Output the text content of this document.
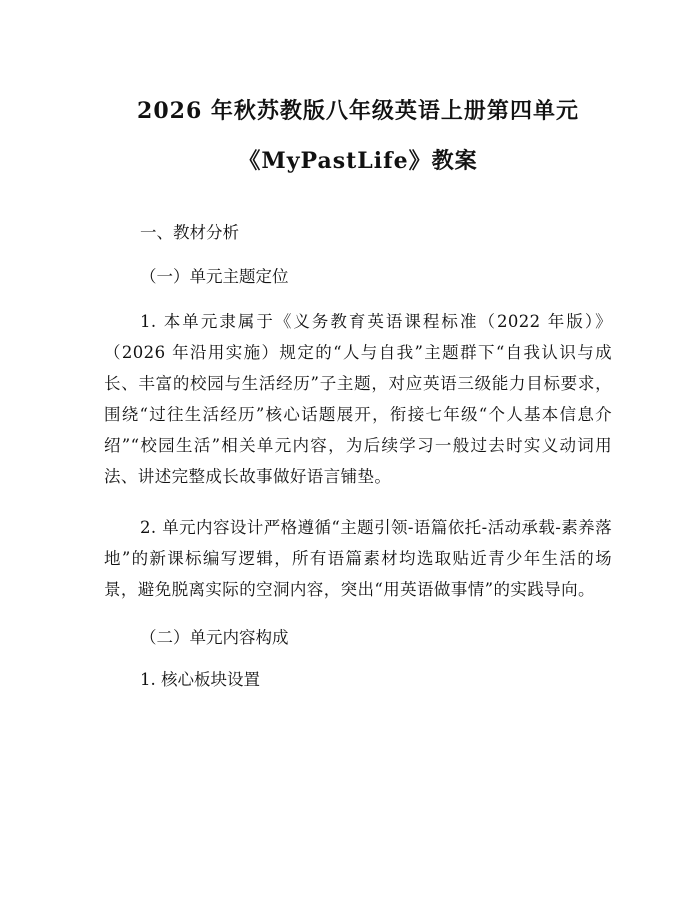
2026 年秋苏教版八年级英语上册第四单元
《MyPastLife》教案

一、教材分析

（一）单元主题定位

1. 本单元隶属于《义务教育英语课程标准（2022 年版）》（2026 年沿用实施）规定的“人与自我”主题群下“自我认识与成长、丰富的校园与生活经历”子主题，对应英语三级能力目标要求，围绕“过往生活经历”核心话题展开，衔接七年级“个人基本信息介绍”“校园生活”相关单元内容，为后续学习一般过去时实义动词用法、讲述完整成长故事做好语言铺垫。

2. 单元内容设计严格遵循“主题引领-语篇依托-活动承载-素养落地”的新课标编写逻辑，所有语篇素材均选取贴近青少年生活的场景，避免脱离实际的空洞内容，突出“用英语做事情”的实践导向。

（二）单元内容构成

1. 核心板块设置
